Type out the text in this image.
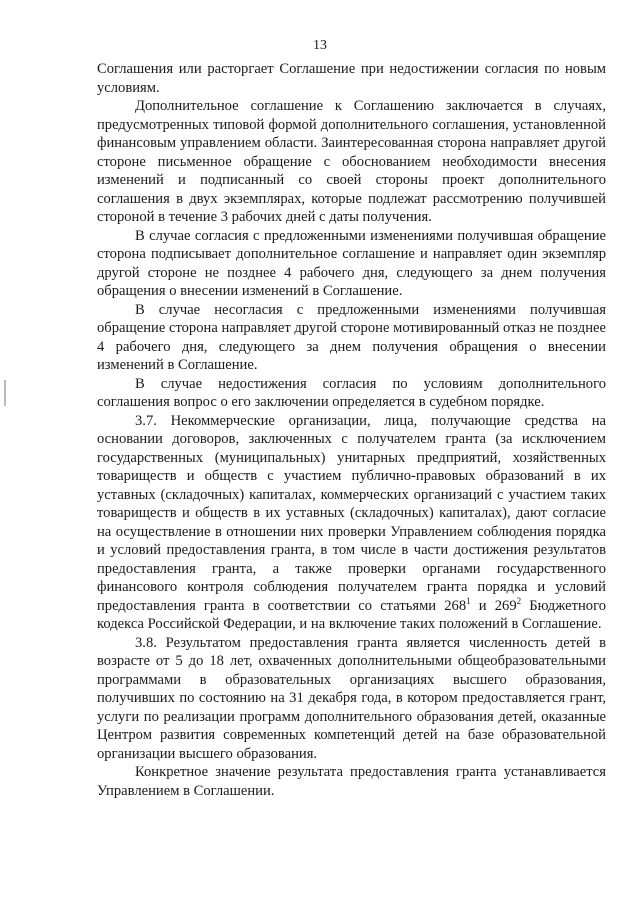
13

Соглашения или расторгает Соглашение при недостижении согласия по новым условиям.

Дополнительное соглашение к Соглашению заключается в случаях, предусмотренных типовой формой дополнительного соглашения, установленной финансовым управлением области. Заинтересованная сторона направляет другой стороне письменное обращение с обоснованием необходимости внесения изменений и подписанный со своей стороны проект дополнительного соглашения в двух экземплярах, которые подлежат рассмотрению получившей стороной в течение 3 рабочих дней с даты получения.

В случае согласия с предложенными изменениями получившая обращение сторона подписывает дополнительное соглашение и направляет один экземпляр другой стороне не позднее 4 рабочего дня, следующего за днем получения обращения о внесении изменений в Соглашение.

В случае несогласия с предложенными изменениями получившая обращение сторона направляет другой стороне мотивированный отказ не позднее 4 рабочего дня, следующего за днем получения обращения о внесении изменений в Соглашение.

В случае недостижения согласия по условиям дополнительного соглашения вопрос о его заключении определяется в судебном порядке.

3.7. Некоммерческие организации, лица, получающие средства на основании договоров, заключенных с получателем гранта (за исключением государственных (муниципальных) унитарных предприятий, хозяйственных товариществ и обществ с участием публично-правовых образований в их уставных (складочных) капиталах, коммерческих организаций с участием таких товариществ и обществ в их уставных (складочных) капиталах), дают согласие на осуществление в отношении них проверки Управлением соблюдения порядка и условий предоставления гранта, в том числе в части достижения результатов предоставления гранта, а также проверки органами государственного финансового контроля соблюдения получателем гранта порядка и условий предоставления гранта в соответствии со статьями $268^1$ и $269^2$ Бюджетного кодекса Российской Федерации, и на включение таких положений в Соглашение.

3.8. Результатом предоставления гранта является численность детей в возрасте от 5 до 18 лет, охваченных дополнительными общеобразовательными программами в образовательных организациях высшего образования, получивших по состоянию на 31 декабря года, в котором предоставляется грант, услуги по реализации программ дополнительного образования детей, оказанные Центром развития современных компетенций детей на базе образовательной организации высшего образования.

Конкретное значение результата предоставления гранта устанавливается Управлением в Соглашении.
